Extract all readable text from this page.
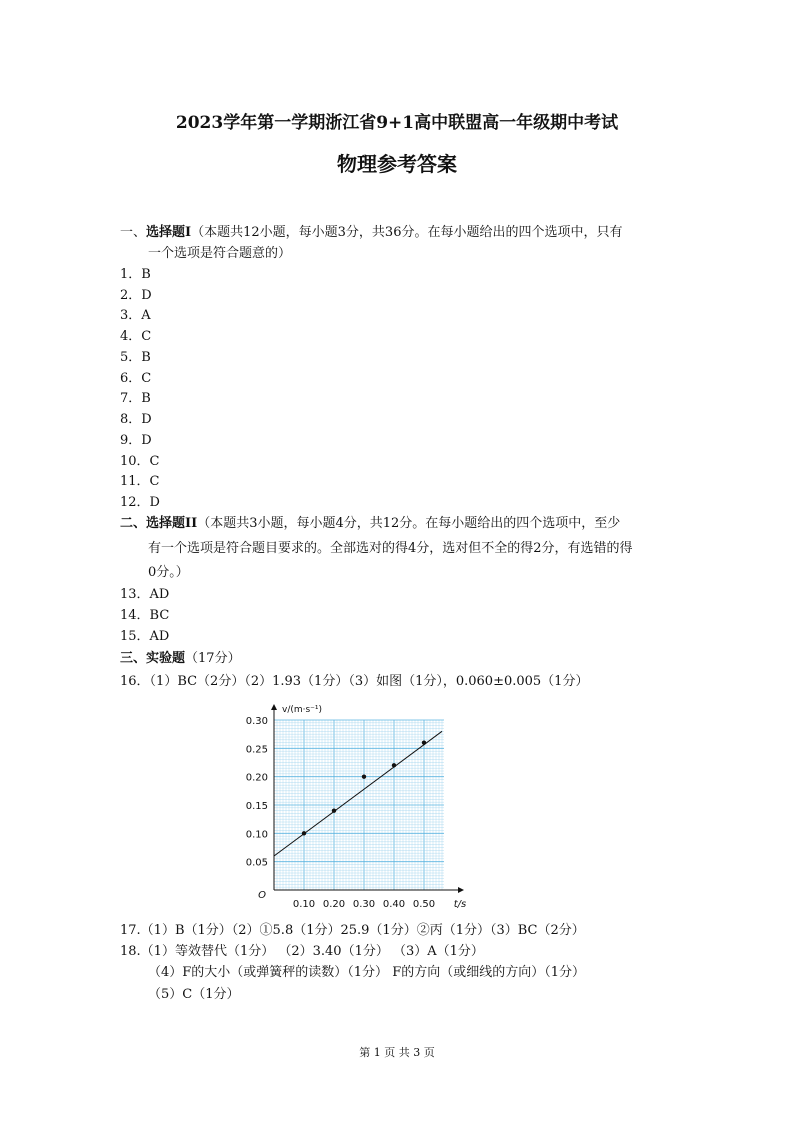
2023学年第一学期浙江省9+1高中联盟高一年级期中考试
物理参考答案
一、选择题I（本题共12小题，每小题3分，共36分。在每小题给出的四个选项中，只有
一个选项是符合题意的）
1．B
2．D
3．A
4．C
5．B
6．C
7．B
8．D
9．D
10．C
11．C
12．D
二、选择题II（本题共3小题，每小题4分，共12分。在每小题给出的四个选项中，至少
有一个选项是符合题目要求的。全部选对的得4分，选对但不全的得2分，有选错的得
0分。）
13．AD
14．BC
15．AD
三、实验题（17分）
16．（1）BC（2分）（2）1.93（1分）（3）如图（1分），0.060±0.005（1分）
0.10 0.20 0.30 0.40 0.50
0.30
0.25
0.20
0.15
0.10
0.05
O
t/s
v/(m·s⁻¹)
17.（1）B（1分）（2）①5.8（1分）25.9（1分）②丙（1分）（3）BC（2分）
18.（1）等效替代（1分） （2）3.40（1分） （3）A（1分）
（4）F的大小（或弹簧秤的读数）（1分） F的方向（或细线的方向）（1分）
（5）C（1分）
第 1 页 共 3 页
